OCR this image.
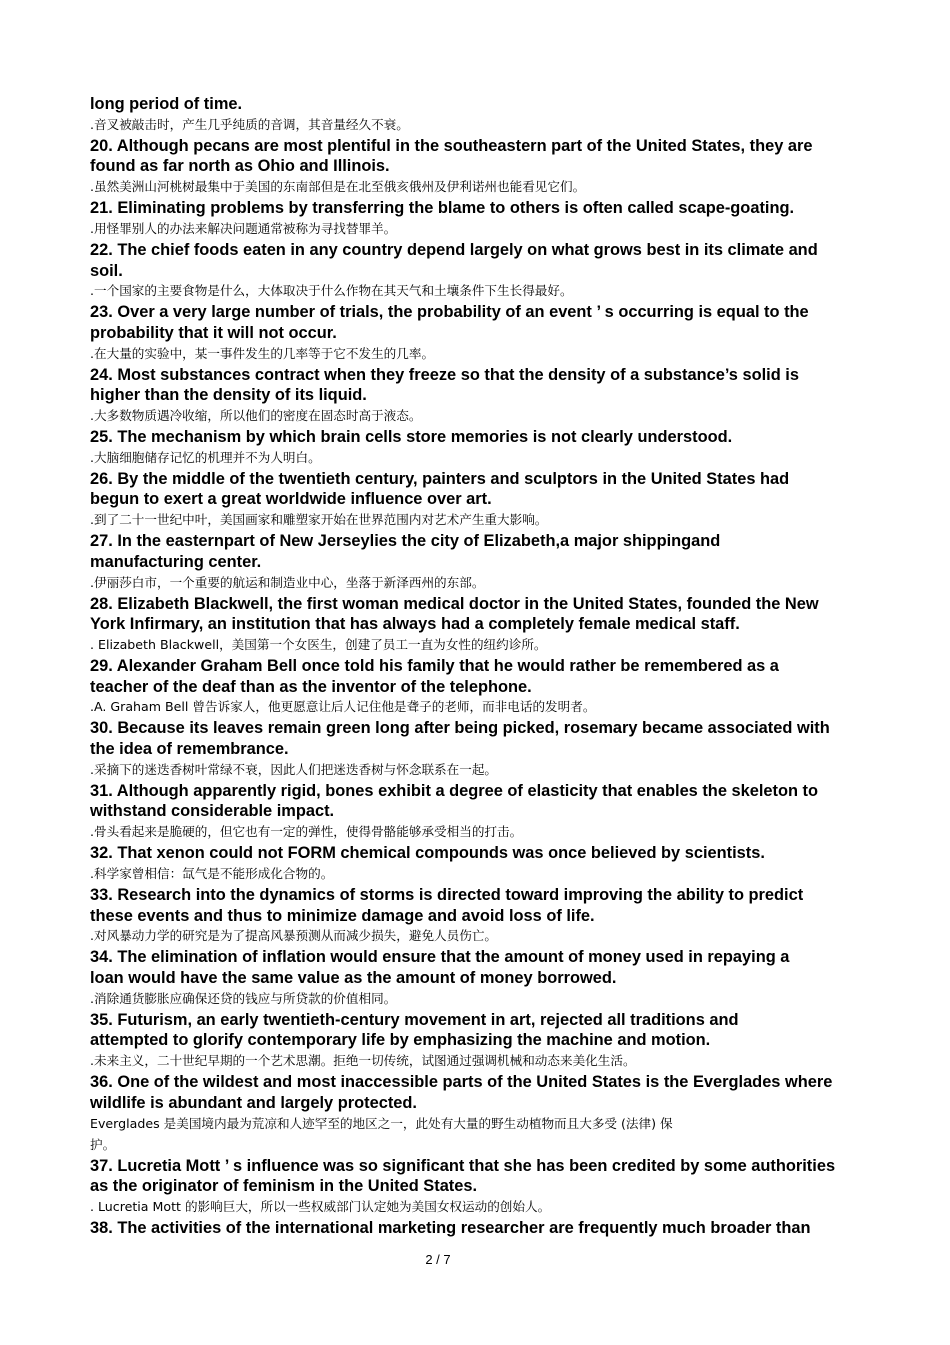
long period of time.
.音叉被敲击时，产生几乎纯质的音调，其音量经久不衰。
20. Although pecans are most plentiful in the southeastern part of the United States, they are
found as far north as Ohio and Illinois.
.虽然美洲山河桃树最集中于美国的东南部但是在北至俄亥俄州及伊利诺州也能看见它们。
21. Eliminating problems by transferring the blame to others is often called scape-goating.
.用怪罪别人的办法来解决问题通常被称为寻找替罪羊。
22. The chief foods eaten in any country depend largely on what grows best in its climate and
soil.
.一个国家的主要食物是什么，大体取决于什么作物在其天气和土壤条件下生长得最好。
23. Over a very large number of trials, the probability of an event ’ s occurring is equal to the
probability that it will not occur.
.在大量的实验中，某一事件发生的几率等于它不发生的几率。
24. Most substances contract when they freeze so that the density of a substance’s solid is
higher than the density of its liquid.
.大多数物质遇冷收缩，所以他们的密度在固态时高于液态。
25. The mechanism by which brain cells store memories is not clearly understood.
.大脑细胞储存记忆的机理并不为人明白。
26. By the middle of the twentieth century, painters and sculptors in the United States had
begun to exert a great worldwide influence over art.
.到了二十一世纪中叶，美国画家和雕塑家开始在世界范围内对艺术产生重大影响。
27. In the easternpart of New Jerseylies the city of Elizabeth,a major shippingand
manufacturing center.
.伊丽莎白市，一个重要的航运和制造业中心，坐落于新泽西州的东部。
28. Elizabeth Blackwell, the first woman medical doctor in the United States, founded the New
York Infirmary, an institution that has always had a completely female medical staff.
. Elizabeth Blackwell，美国第一个女医生，创建了员工一直为女性的纽约诊所。
29. Alexander Graham Bell once told his family that he would rather be remembered as a
teacher of the deaf than as the inventor of the telephone.
.A. Graham Bell 曾告诉家人，他更愿意让后人记住他是聋子的老师，而非电话的发明者。
30. Because its leaves remain green long after being picked, rosemary became associated with
the idea of remembrance.
.采摘下的迷迭香树叶常绿不衰，因此人们把迷迭香树与怀念联系在一起。
31. Although apparently rigid, bones exhibit a degree of elasticity that enables the skeleton to
withstand considerable impact.
.骨头看起来是脆硬的，但它也有一定的弹性，使得骨骼能够承受相当的打击。
32. That xenon could not FORM chemical compounds was once believed by scientists.
.科学家曾相信：氙气是不能形成化合物的。
33. Research into the dynamics of storms is directed toward improving the ability to predict
these events and thus to minimize damage and avoid loss of life.
.对风暴动力学的研究是为了提高风暴预测从而减少损失，避免人员伤亡。
34. The elimination of inflation would ensure that the amount of money used in repaying a
loan would have the same value as the amount of money borrowed.
.消除通货膨胀应确保还贷的钱应与所贷款的价值相同。
35. Futurism, an early twentieth-century movement in art, rejected all traditions and
attempted to glorify contemporary life by emphasizing the machine and motion.
.未来主义，二十世纪早期的一个艺术思潮。拒绝一切传统，试图通过强调机械和动态来美化生活。
36. One of the wildest and most inaccessible parts of the United States is the Everglades where
wildlife is abundant and largely protected.
Everglades 是美国境内最为荒凉和人迹罕至的地区之一，此处有大量的野生动植物而且大多受 (法律) 保
护。
37. Lucretia Mott ’ s influence was so significant that she has been credited by some authorities
as the originator of feminism in the United States.
. Lucretia Mott 的影响巨大，所以一些权威部门认定她为美国女权运动的创始人。
38. The activities of the international marketing researcher are frequently much broader than
2 / 7
